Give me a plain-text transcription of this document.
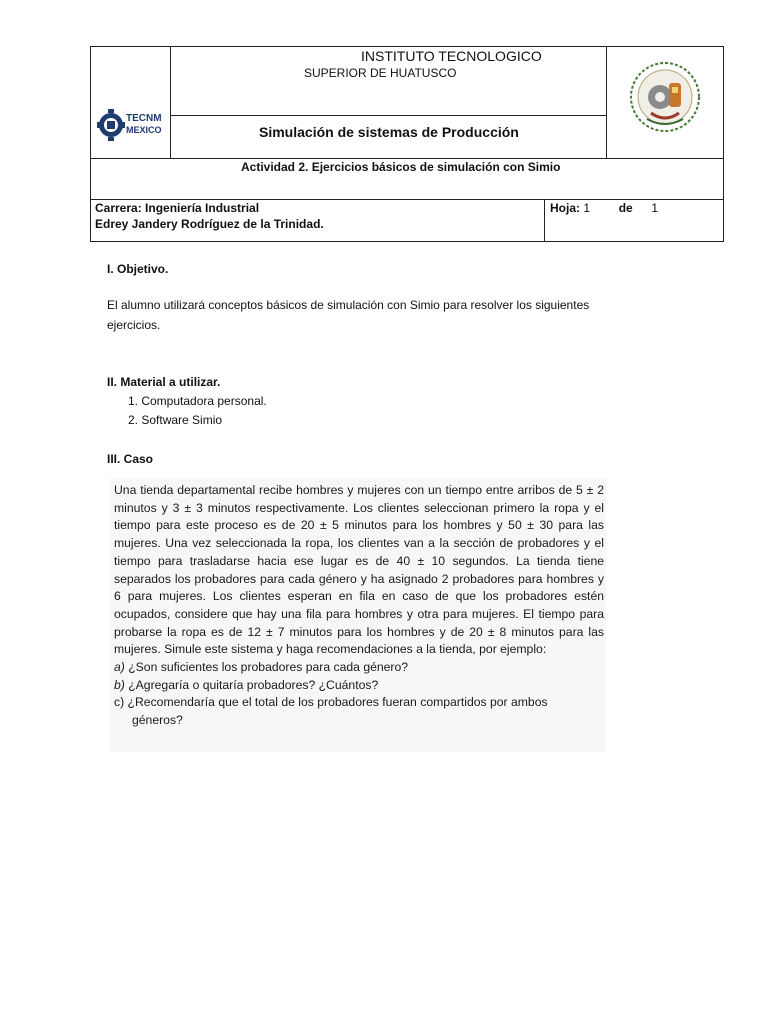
TECNM
MEXICO
INSTITUTO TECNOLOGICO
SUPERIOR DE HUATUSCO
Simulación de sistemas de Producción
Actividad 2. Ejercicios básicos de simulación con Simio
Carrera: Ingeniería Industrial
Edrey Jandery Rodríguez de la Trinidad.
Hoja: 1 de 1
I. Objetivo.
El alumno utilizará conceptos básicos de simulación con Simio para resolver los siguientes
ejercicios.
II. Material a utilizar.
1. Computadora personal.
2. Software Simio
III. Caso
Una tienda departamental recibe hombres y mujeres con un tiempo entre arribos de 5 ± 2 minutos y 3 ± 3 minutos respectivamente. Los clientes seleccionan primero la ropa y el tiempo para este proceso es de 20 ± 5 minutos para los hombres y 50 ± 30 para las mujeres. Una vez seleccionada la ropa, los clientes van a la sección de probadores y el tiempo para trasladarse hacia ese lugar es de 40 ± 10 segundos. La tienda tiene separados los probadores para cada género y ha asignado 2 probadores para hombres y 6 para mujeres. Los clientes esperan en fila en caso de que los probadores estén ocupados, considere que hay una fila para hombres y otra para mujeres. El tiempo para probarse la ropa es de 12 ± 7 minutos para los hombres y de 20 ± 8 minutos para las mujeres. Simule este sistema y haga recomendaciones a la tienda, por ejemplo:
a) ¿Son suficientes los probadores para cada género?
b) ¿Agregaría o quitaría probadores? ¿Cuántos?
c) ¿Recomendaría que el total de los probadores fueran compartidos por ambos
géneros?
